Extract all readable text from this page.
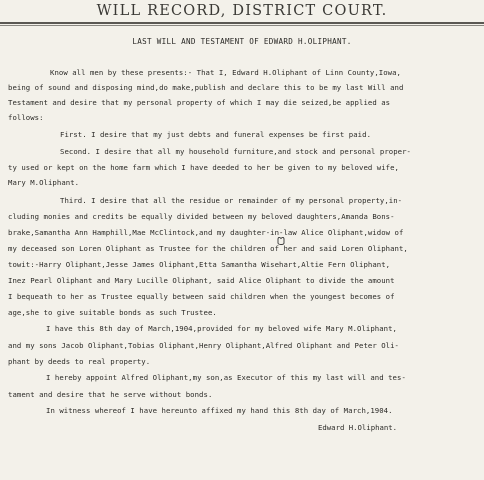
WILL RECORD, DISTRICT COURT.
LAST WILL AND TESTAMENT OF EDWARD H.OLIPHANT.
Know all men by these presents:- That I, Edward H.Oliphant of Linn County,Iowa,
being of sound and disposing mind,do make,publish and declare this to be my last Will and
Testament and desire that my personal property of which I may die seized,be applied as
follows:
First. I desire that my just debts and funeral expenses be first paid.
Second. I desire that all my household furniture,and stock and personal proper-
ty used or kept on the home farm which I have deeded to her be given to my beloved wife,
Mary M.Oliphant.
Third. I desire that all the residue or remainder of my personal property,in-
cluding monies and credits be equally divided between my beloved daughters,Amanda Bons-
brake,Samantha Ann Hamphill,Mae McClintock,and my daughter-in-law Alice Oliphant,widow of
my deceased son Loren Oliphant as Trustee for the children of her and said Loren Oliphant,
towit:-Harry Oliphant,Jesse James Oliphant,Etta Samantha Wisehart,Altie Fern Oliphant,
Inez Pearl Oliphant and Mary Lucille Oliphant, said Alice Oliphant to divide the amount
I bequeath to her as Trustee equally between said children when the youngest becomes of
age,she to give suitable bonds as such Trustee.
I have this 8th day of March,1904,provided for my beloved wife Mary M.Oliphant,
and my sons Jacob Oliphant,Tobias Oliphant,Henry Oliphant,Alfred Oliphant and Peter Oli-
phant by deeds to real property.
I hereby appoint Alfred Oliphant,my son,as Executor of this my last will and tes-
tament and desire that he serve without bonds.
In witness whereof I have hereunto affixed my hand this 8th day of March,1904.
Edward H.Oliphant.
